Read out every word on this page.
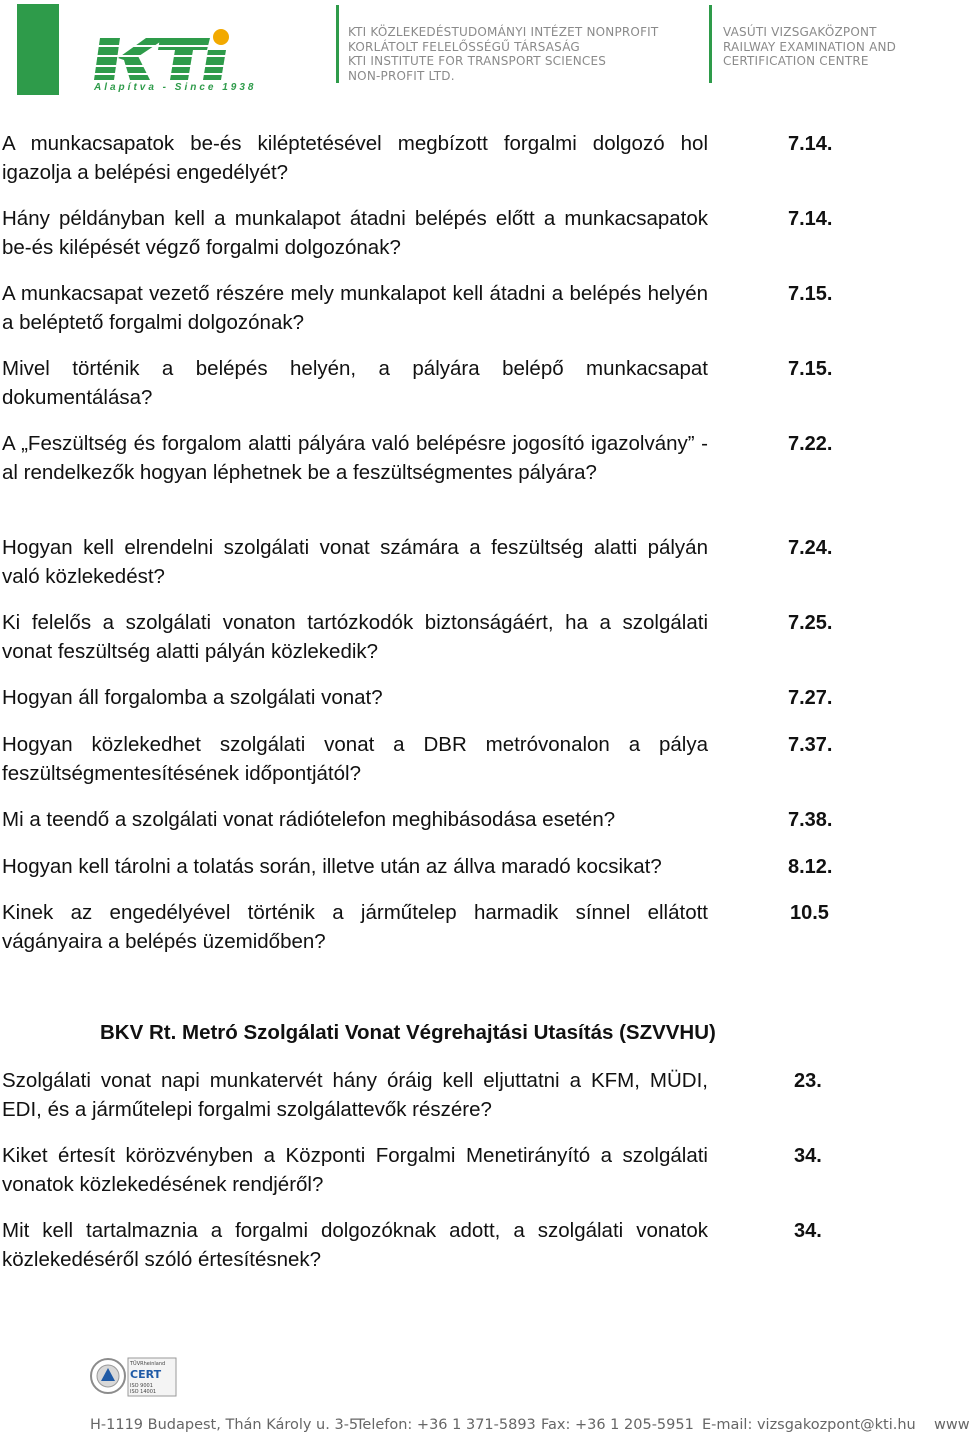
Alapítva - Since 1938
KTI KÖZLEKEDÉSTUDOMÁNYI INTÉZET NONPROFIT
KORLÁTOLT FELELŐSSÉGŰ TÁRSASÁG
KTI INSTITUTE FOR TRANSPORT SCIENCES
NON-PROFIT LTD.
VASÚTI VIZSGAKÖZPONT
RAILWAY EXAMINATION AND
CERTIFICATION CENTRE
A munkacsapatok be-és kiléptetésével megbízott forgalmi dolgozó hol igazolja a belépési engedélyét?
7.14.
Hány példányban kell a munkalapot átadni belépés előtt a munkacsapatok be-és kilépését végző forgalmi dolgozónak?
7.14.
A munkacsapat vezető részére mely munkalapot kell átadni a belépés helyén a beléptető forgalmi dolgozónak?
7.15.
Mivel történik a belépés helyén, a pályára belépő munkacsapat dokumentálása?
7.15.
A „Feszültség és forgalom alatti pályára való belépésre jogosító igazolvány” - al rendelkezők hogyan léphetnek be a feszültségmentes pályára?
7.22.
Hogyan kell elrendelni szolgálati vonat számára a feszültség alatti pályán való közlekedést?
7.24.
Ki felelős a szolgálati vonaton tartózkodók biztonságáért, ha a szolgálati vonat feszültség alatti pályán közlekedik?
7.25.
Hogyan áll forgalomba a szolgálati vonat?	7.27.
Hogyan közlekedhet szolgálati vonat a DBR metróvonalon a pálya feszültségmentesítésének időpontjától?
7.37.
Mi a teendő a szolgálati vonat rádiótelefon meghibásodása esetén?	7.38.
Hogyan kell tárolni a tolatás során, illetve után az állva maradó kocsikat?	8.12.
Kinek az engedélyével történik a járműtelep harmadik sínnel ellátott vágányaira a belépés üzemidőben?
10.5
BKV Rt. Metró Szolgálati Vonat Végrehajtási Utasítás (SZVVHU)
Szolgálati vonat napi munkatervét hány óráig kell eljuttatni a KFM, MÜDI, EDI, és a járműtelepi forgalmi szolgálattevők részére?
23.
Kiket értesít körözvényben a Központi Forgalmi Menetirányító a szolgálati vonatok közlekedésének rendjéről?
34.
Mit kell tartalmaznia a forgalmi dolgozóknak adott, a szolgálati vonatok közlekedéséről szóló értesítésnek?
34.
TÜVRheinland
CERT
ISO 9001
ISO 14001
H-1119 Budapest, Thán Károly u. 3-5
Telefon: +36 1 371-5893 Fax: +36 1 205-5951 E-mail: vizsgakozpont@kti.hu www
